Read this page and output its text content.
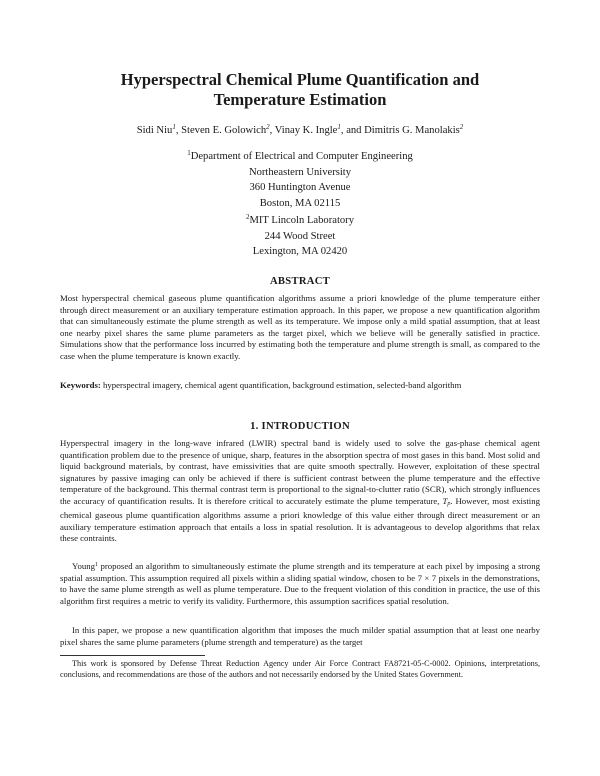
Hyperspectral Chemical Plume Quantification and
Temperature Estimation
Sidi Niu$^1$, Steven E. Golowich$^2$, Vinay K. Ingle$^1$, and Dimitris G. Manolakis$^2$
$^1$Department of Electrical and Computer Engineering
Northeastern University
360 Huntington Avenue
Boston, MA 02115
$^2$MIT Lincoln Laboratory
244 Wood Street
Lexington, MA 02420
ABSTRACT

Most hyperspectral chemical gaseous plume quantification algorithms assume a priori knowledge of the plume temperature either through direct measurement or an auxiliary temperature estimation approach. In this paper, we propose a new quantification algorithm that can simultaneously estimate the plume strength as well as its temperature. We impose only a mild spatial assumption, that at least one nearby pixel shares the same plume parameters as the target pixel, which we believe will be generally satisfied in practice. Simulations show that the performance loss incurred by estimating both the temperature and plume strength is small, as compared to the case when the plume temperature is known exactly.

Keywords: hyperspectral imagery, chemical agent quantification, background estimation, selected-band algorithm

1. INTRODUCTION

Hyperspectral imagery in the long-wave infrared (LWIR) spectral band is widely used to solve the gas-phase chemical agent quantification problem due to the presence of unique, sharp, features in the absorption spectra of most gases in this band. Most solid and liquid background materials, by contrast, have emissivities that are quite smooth spectrally. However, exploitation of these spectral signatures by passive imaging can only be achieved if there is sufficient contrast between the plume temperature and the effective temperature of the background. This thermal contrast term is proportional to the signal-to-clutter ratio (SCR), which strongly influences the accuracy of quantification results. It is therefore critical to accurately estimate the plume temperature, Tp. However, most existing chemical gaseous plume quantification algorithms assume a priori knowledge of this value either through direct measurement or an auxiliary temperature estimation approach that entails a loss in spatial resolution. It is advantageous to develop algorithms that relax these contraints.

Young$^1$ proposed an algorithm to simultaneously estimate the plume strength and its temperature at each pixel by imposing a strong spatial assumption. This assumption required all pixels within a sliding spatial window, chosen to be 7 × 7 pixels in the demonstrations, to have the same plume strength as well as plume temperature. Due to the frequent violation of this condition in practice, the use of this algorithm first requires a metric to verify its validity. Furthermore, this assumption sacrifices spatial resolution.

In this paper, we propose a new quantification algorithm that imposes the much milder spatial assumption that at least one nearby pixel shares the same plume parameters (plume strength and temperature) as the target

This work is sponsored by Defense Threat Reduction Agency under Air Force Contract FA8721-05-C-0002. Opinions, interpretations, conclusions, and recommendations are those of the authors and not necessarily endorsed by the United States Government.
